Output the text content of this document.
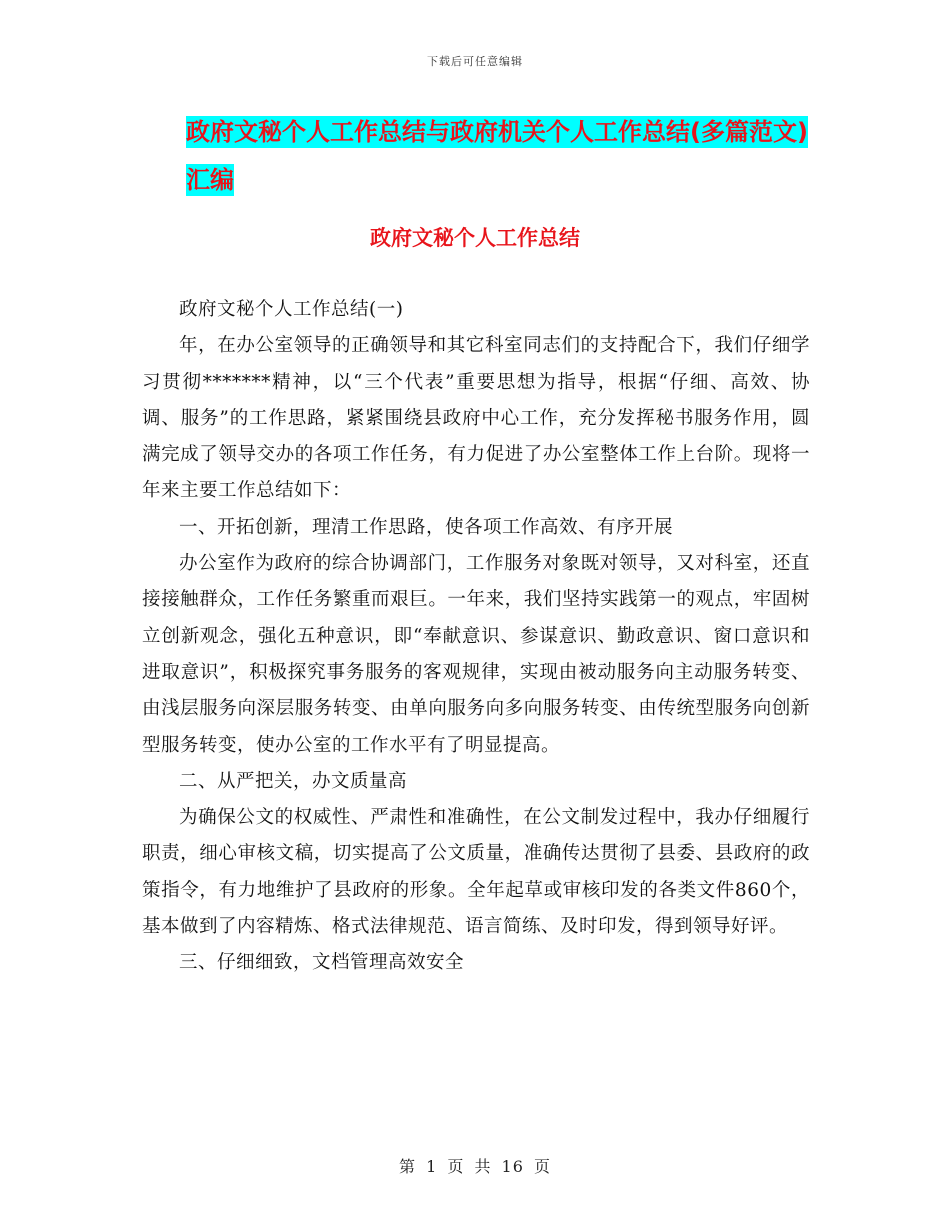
下载后可任意编辑
政府文秘个人工作总结与政府机关个人工作总结(多篇范文)汇编
政府文秘个人工作总结

政府文秘个人工作总结(一)

年，在办公室领导的正确领导和其它科室同志们的支持配合下，我们仔细学习贯彻*******精神，以“三个代表”重要思想为指导，根据“仔细、高效、协调、服务”的工作思路，紧紧围绕县政府中心工作，充分发挥秘书服务作用，圆满完成了领导交办的各项工作任务，有力促进了办公室整体工作上台阶。现将一年来主要工作总结如下：

一、开拓创新，理清工作思路，使各项工作高效、有序开展

办公室作为政府的综合协调部门，工作服务对象既对领导，又对科室，还直接接触群众，工作任务繁重而艰巨。一年来，我们坚持实践第一的观点，牢固树立创新观念，强化五种意识，即“奉献意识、参谋意识、勤政意识、窗口意识和进取意识”，积极探究事务服务的客观规律，实现由被动服务向主动服务转变、由浅层服务向深层服务转变、由单向服务向多向服务转变、由传统型服务向创新型服务转变，使办公室的工作水平有了明显提高。

二、从严把关，办文质量高

为确保公文的权威性、严肃性和准确性，在公文制发过程中，我办仔细履行职责，细心审核文稿，切实提高了公文质量，准确传达贯彻了县委、县政府的政策指令，有力地维护了县政府的形象。全年起草或审核印发的各类文件860个，基本做到了内容精炼、格式法律规范、语言简练、及时印发，得到领导好评。

三、仔细细致，文档管理高效安全

第 1 页 共 16 页
